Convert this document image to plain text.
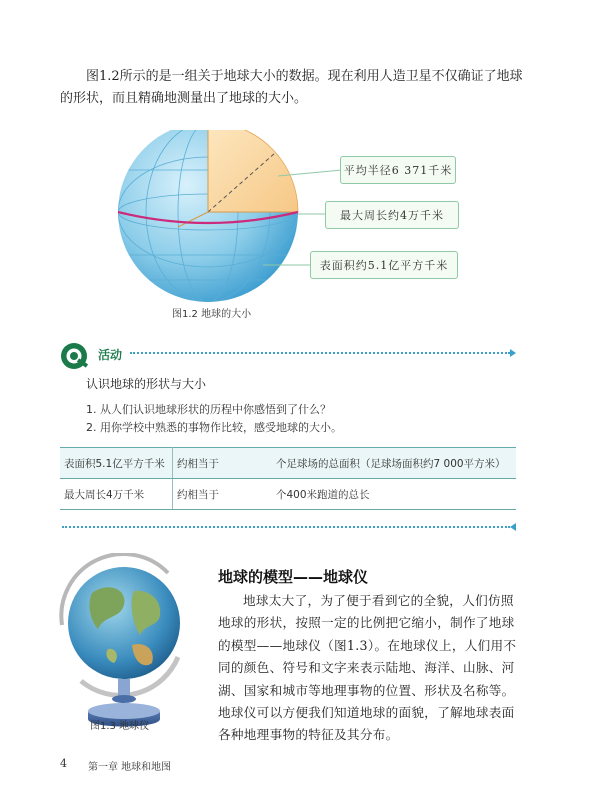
图1.2所示的是一组关于地球大小的数据。现在利用人造卫星不仅确证了地球的形状，而且精确地测量出了地球的大小。
平均半径6 371千米
最大周长约4万千米
表面积约5.1亿平方千米
图1.2 地球的大小
活动
认识地球的形状与大小
1. 从人们认识地球形状的历程中你感悟到了什么？
2. 用你学校中熟悉的事物作比较，感受地球的大小。
表面积5.1亿平方千米	约相当于	个足球场的总面积（足球场面积约7 000平方米）
最大周长4万千米	约相当于	个400米跑道的总长
图1.3 地球仪
地球的模型——地球仪
地球太大了，为了便于看到它的全貌，人们仿照地球的形状，按照一定的比例把它缩小，制作了地球的模型——地球仪（图1.3）。在地球仪上，人们用不同的颜色、符号和文字来表示陆地、海洋、山脉、河湖、国家和城市等地理事物的位置、形状及名称等。地球仪可以方便我们知道地球的面貌，了解地球表面各种地理事物的特征及其分布。
4 第一章 地球和地图
